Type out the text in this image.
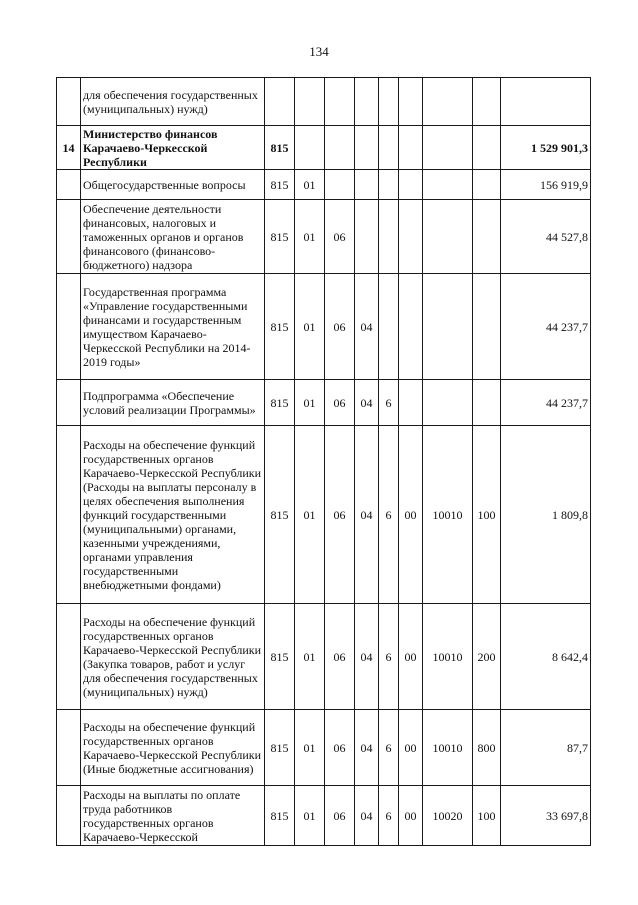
134
	для обеспечения государственных (муниципальных) нужд)									
14	Министерство финансов Карачаево-Черкесской Республики	815								1 529 901,3
	Общегосударственные вопросы	815	01							156 919,9
	Обеспечение деятельности финансовых, налоговых и таможенных органов и органов финансового (финансово-бюджетного) надзора	815	01	06						44 527,8
	Государственная программа «Управление государственными финансами и государственным имуществом Карачаево-Черкесской Республики на 2014-2019 годы»	815	01	06	04					44 237,7
	Подпрограмма «Обеспечение условий реализации Программы»	815	01	06	04	6				44 237,7
	Расходы на обеспечение функций государственных органов Карачаево-Черкесской Республики (Расходы на выплаты персоналу в целях обеспечения выполнения функций государственными (муниципальными) органами, казенными учреждениями, органами управления государственными внебюджетными фондами)	815	01	06	04	6	00	10010	100	1 809,8
	Расходы на обеспечение функций государственных органов Карачаево-Черкесской Республики (Закупка товаров, работ и услуг для обеспечения государственных (муниципальных) нужд)	815	01	06	04	6	00	10010	200	8 642,4
	Расходы на обеспечение функций государственных органов Карачаево-Черкесской Республики (Иные бюджетные ассигнования)	815	01	06	04	6	00	10010	800	87,7
	Расходы на выплаты по оплате труда работников государственных органов Карачаево-Черкесской	815	01	06	04	6	00	10020	100	33 697,8
